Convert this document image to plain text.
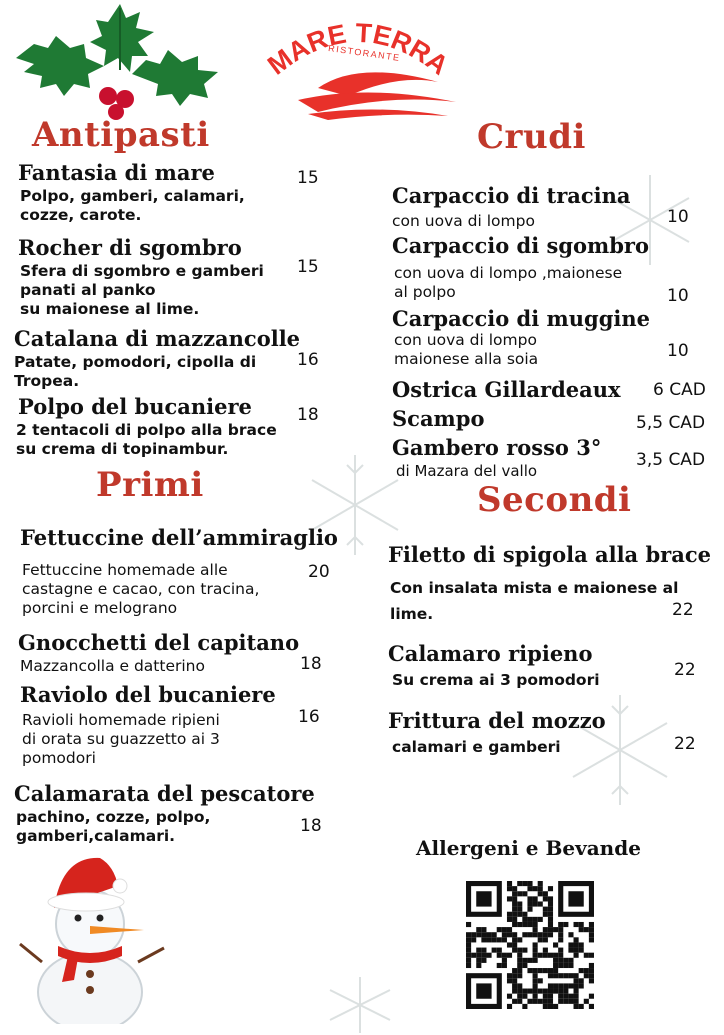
MARE TERRA
RISTORANTE
Antipasti	Crudi
Primi	Secondi
Fantasia di mare
Polpo, gamberi, calamari,
cozze, carote.
15
Rocher di sgombro
Sfera di sgombro e gamberi
panati al panko
su maionese al lime.
15
Catalana di mazzancolle
Patate, pomodori, cipolla di
Tropea.
16
Polpo del bucaniere
2 tentacoli di polpo alla brace
su crema di topinambur.
18
Fettuccine dell’ammiraglio
Fettuccine homemade alle
castagne e cacao, con tracina,
porcini e melograno
20
Gnocchetti del capitano
Mazzancolla e datterino	18
Raviolo del bucaniere
Ravioli homemade ripieni
di orata su guazzetto ai 3
pomodori
16
Calamarata del pescatore
pachino, cozze, polpo,
gamberi,calamari.	18
Carpaccio di tracina
con uova di lompo	10
Carpaccio di sgombro
con uova di lompo ,maionese
al polpo	10
Carpaccio di muggine
con uova di lompo
maionese alla soia	10
Ostrica Gillardeaux 6 CAD
Scampo	5,5 CAD
Gambero rosso 3°
di Mazara del vallo
3,5 CAD
Filetto di spigola alla brace
Con insalata mista e maionese al
lime.	22
Calamaro ripieno
Su crema ai 3 pomodori	22
Frittura del mozzo
calamari e gamberi	22
Allergeni e Bevande
